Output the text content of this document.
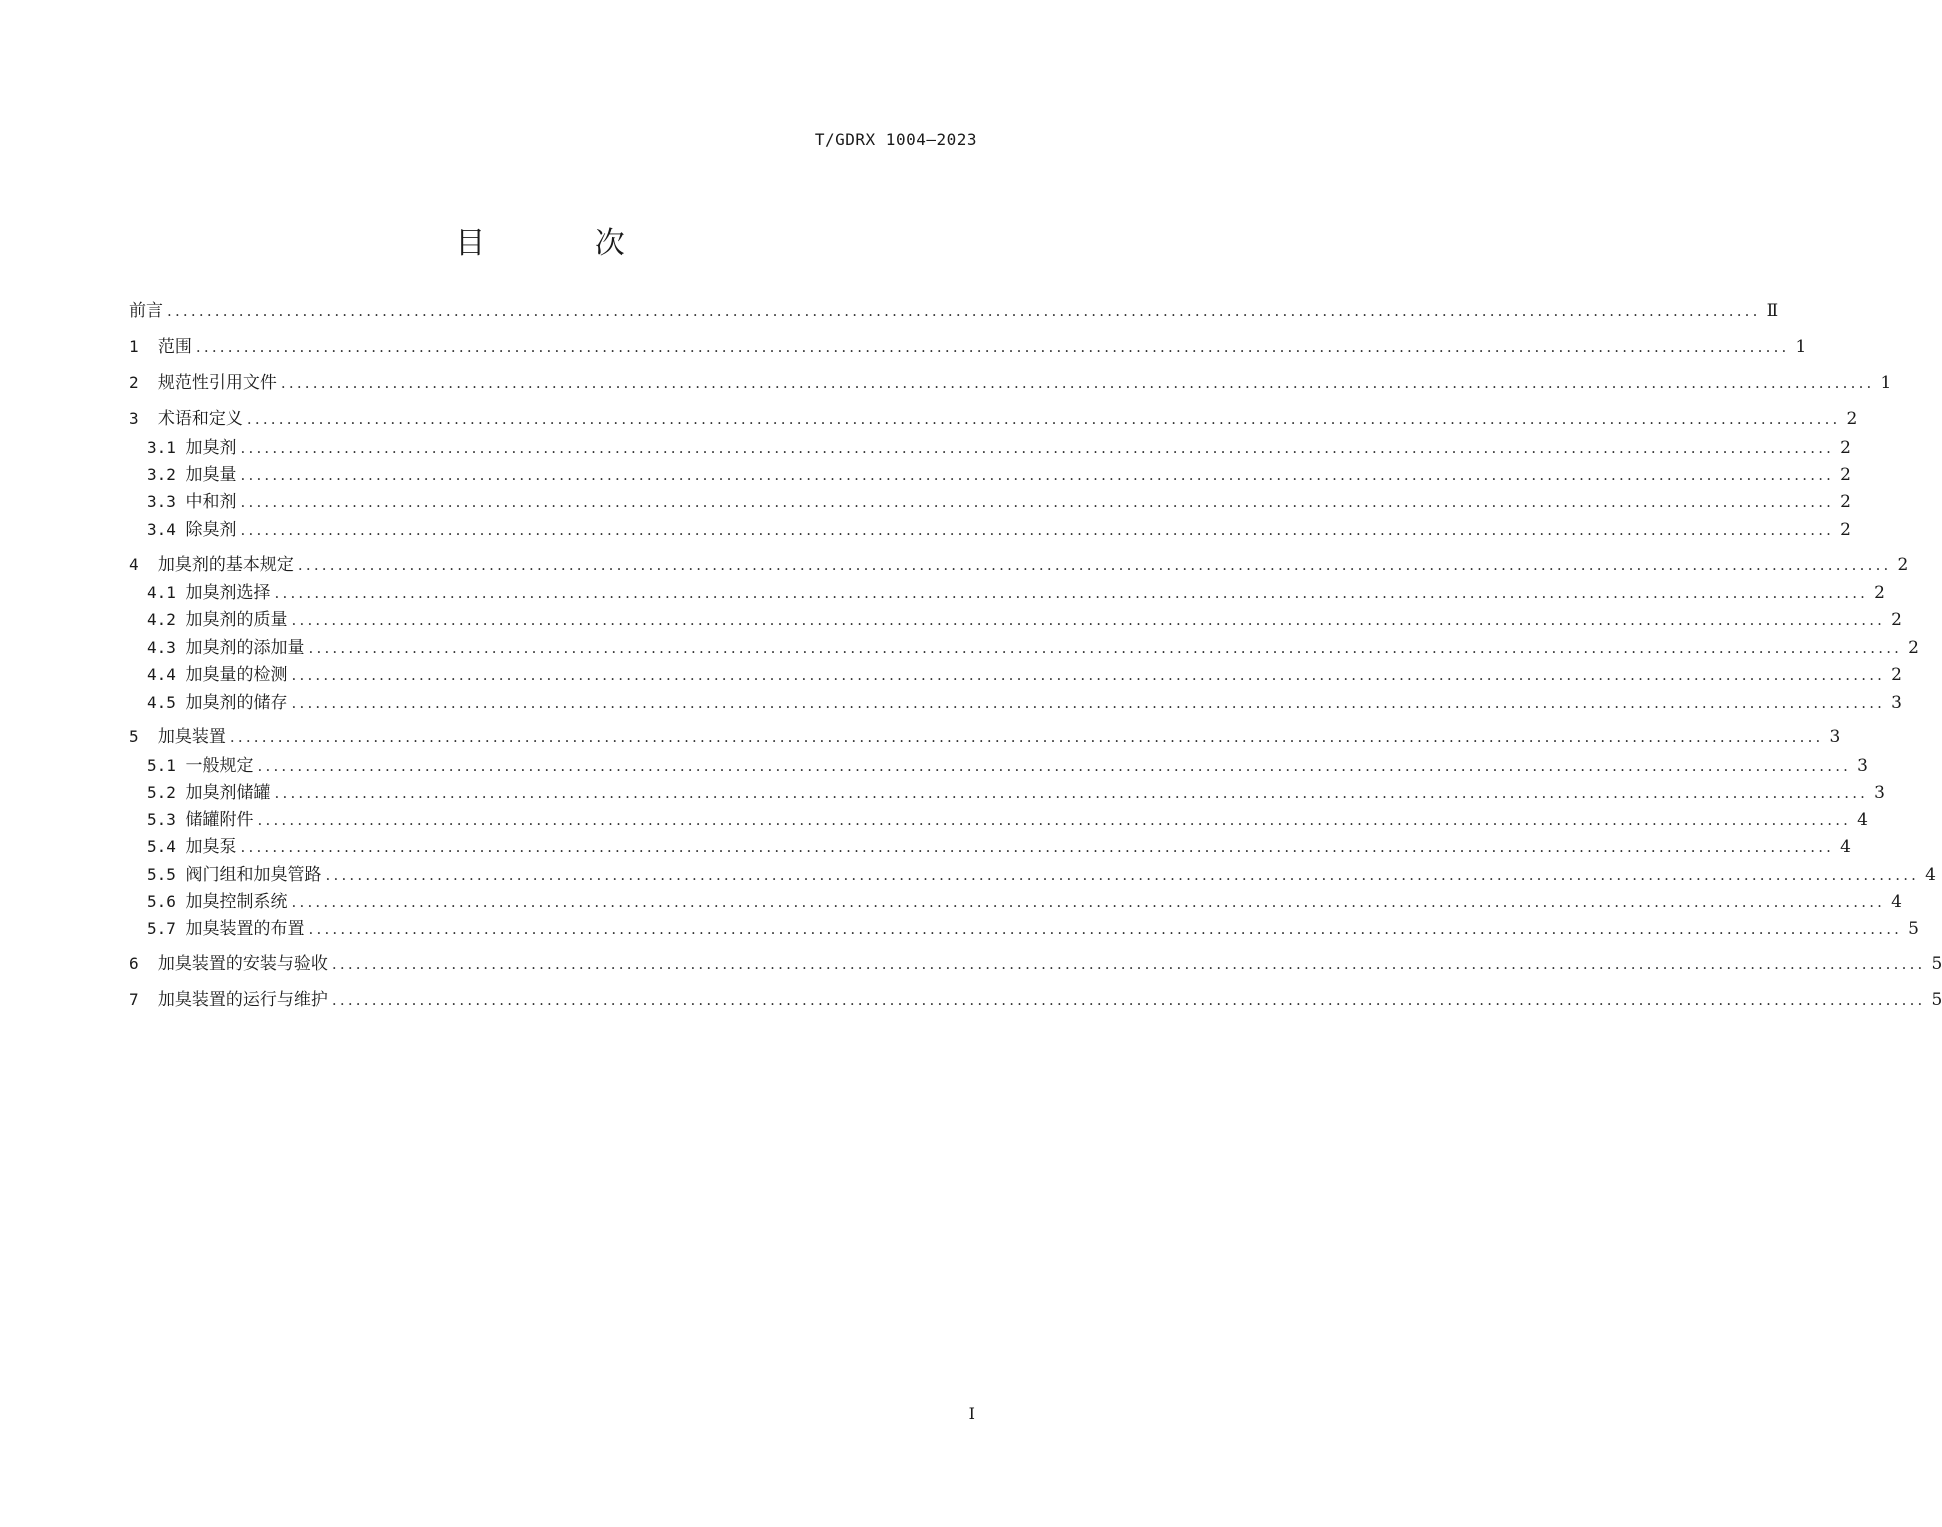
T/GDRX 1004—2023
目 次
前言 ........................................................................................................................................................................................................ Ⅱ
1 范围 ........................................................................................................................................................................................................ 1
2 规范性引用文件 ........................................................................................................................................................................................................ 1
3 术语和定义 ........................................................................................................................................................................................................ 2
3.1 加臭剂 ........................................................................................................................................................................................................ 2
3.2 加臭量 ........................................................................................................................................................................................................ 2
3.3 中和剂 ........................................................................................................................................................................................................ 2
3.4 除臭剂 ........................................................................................................................................................................................................ 2
4 加臭剂的基本规定 ........................................................................................................................................................................................................ 2
4.1 加臭剂选择 ........................................................................................................................................................................................................ 2
4.2 加臭剂的质量 ........................................................................................................................................................................................................ 2
4.3 加臭剂的添加量 ........................................................................................................................................................................................................ 2
4.4 加臭量的检测 ........................................................................................................................................................................................................ 2
4.5 加臭剂的储存 ........................................................................................................................................................................................................ 3
5 加臭装置 ........................................................................................................................................................................................................ 3
5.1 一般规定 ........................................................................................................................................................................................................ 3
5.2 加臭剂储罐 ........................................................................................................................................................................................................ 3
5.3 储罐附件 ........................................................................................................................................................................................................ 4
5.4 加臭泵 ........................................................................................................................................................................................................ 4
5.5 阀门组和加臭管路 ........................................................................................................................................................................................................ 4
5.6 加臭控制系统 ........................................................................................................................................................................................................ 4
5.7 加臭装置的布置 ........................................................................................................................................................................................................ 5
6 加臭装置的安装与验收 ........................................................................................................................................................................................................ 5
7 加臭装置的运行与维护 ........................................................................................................................................................................................................ 5
I
